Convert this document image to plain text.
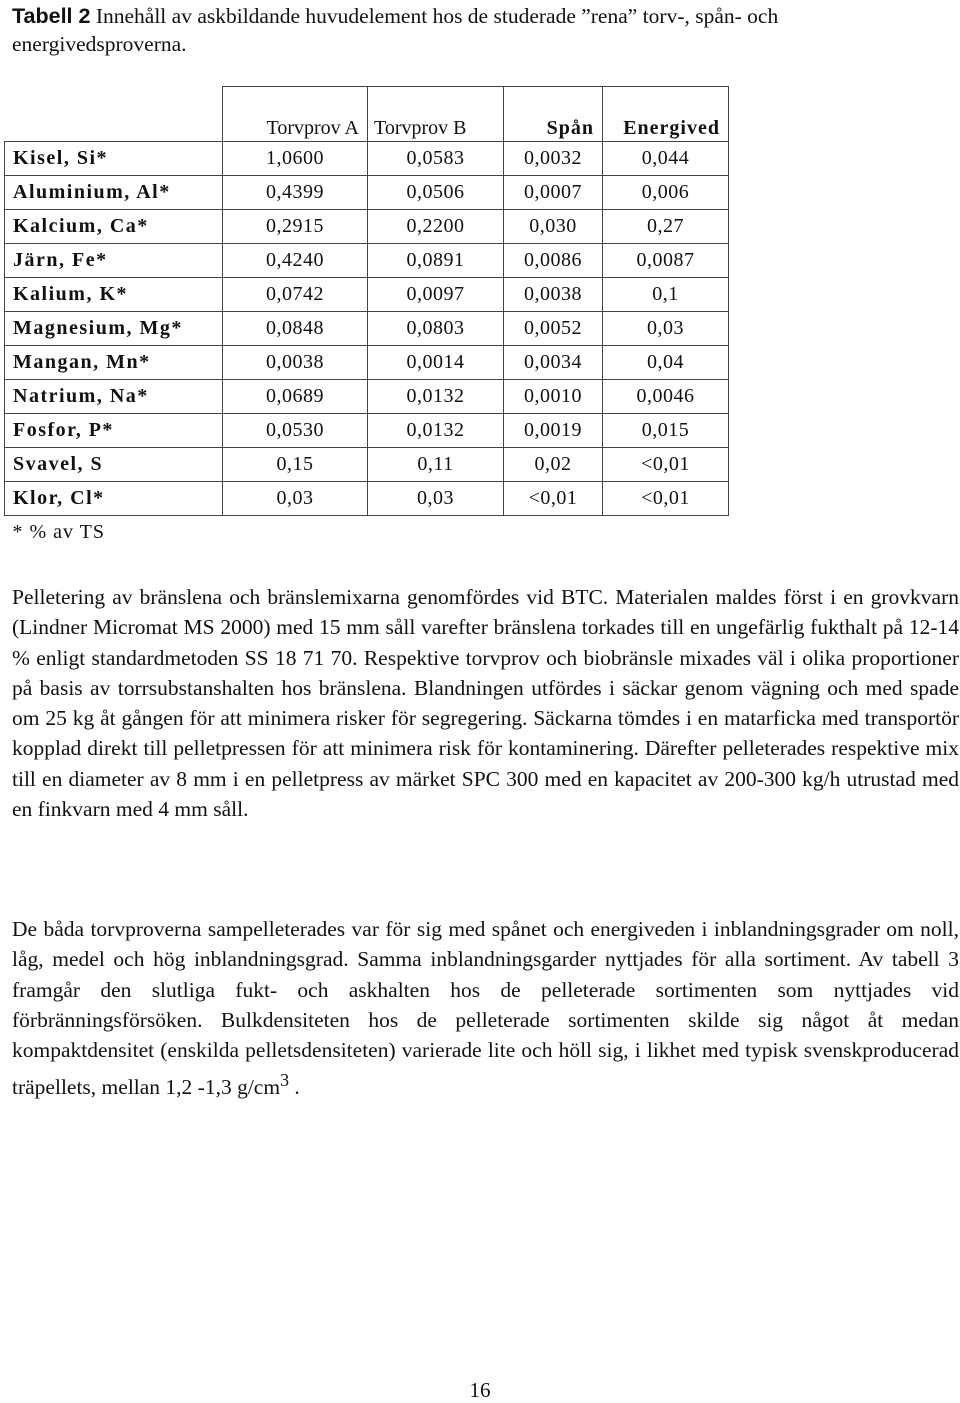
Tabell 2 Innehåll av askbildande huvudelement hos de studerade ”rena” torv-, spån- och energivedsproverna.
	Torvprov A	Torvprov B	Spån	Energived
Kisel, Si*	1,0600	0,0583	0,0032	0,044
Aluminium, Al*	0,4399	0,0506	0,0007	0,006
Kalcium, Ca*	0,2915	0,2200	0,030	0,27
Järn, Fe*	0,4240	0,0891	0,0086	0,0087
Kalium, K*	0,0742	0,0097	0,0038	0,1
Magnesium, Mg*	0,0848	0,0803	0,0052	0,03
Mangan, Mn*	0,0038	0,0014	0,0034	0,04
Natrium, Na*	0,0689	0,0132	0,0010	0,0046
Fosfor, P*	0,0530	0,0132	0,0019	0,015
Svavel, S	0,15	0,11	0,02	<0,01
Klor, Cl*	0,03	0,03	<0,01	<0,01
* % av TS				

Pelletering av bränslena och bränslemixarna genomfördes vid BTC. Materialen maldes först i en grovkvarn (Lindner Micromat MS 2000) med 15 mm såll varefter bränslena torkades till en ungefärlig fukthalt på 12-14 % enligt standardmetoden SS 18 71 70. Respektive torvprov och biobränsle mixades väl i olika proportioner på basis av torrsubstanshalten hos bränslena. Blandningen utfördes i säckar genom vägning och med spade om 25 kg åt gången för att minimera risker för segregering. Säckarna tömdes i en matarficka med transportör kopplad direkt till pelletpressen för att minimera risk för kontaminering. Därefter pelleterades respektive mix till en diameter av 8 mm i en pelletpress av märket SPC 300 med en kapacitet av 200-300 kg/h utrustad med en finkvarn med 4 mm såll.

De båda torvproverna sampelleterades var för sig med spånet och energiveden i inblandningsgrader om noll, låg, medel och hög inblandningsgrad. Samma inblandningsgarder nyttjades för alla sortiment. Av tabell 3 framgår den slutliga fukt- och askhalten hos de pelleterade sortimenten som nyttjades vid förbränningsförsöken. Bulkdensiteten hos de pelleterade sortimenten skilde sig något åt medan kompaktdensitet (enskilda pelletsdensiteten) varierade lite och höll sig, i likhet med typisk svenskproducerad träpellets, mellan 1,2 -1,3 $g/cm^3$ .

16
